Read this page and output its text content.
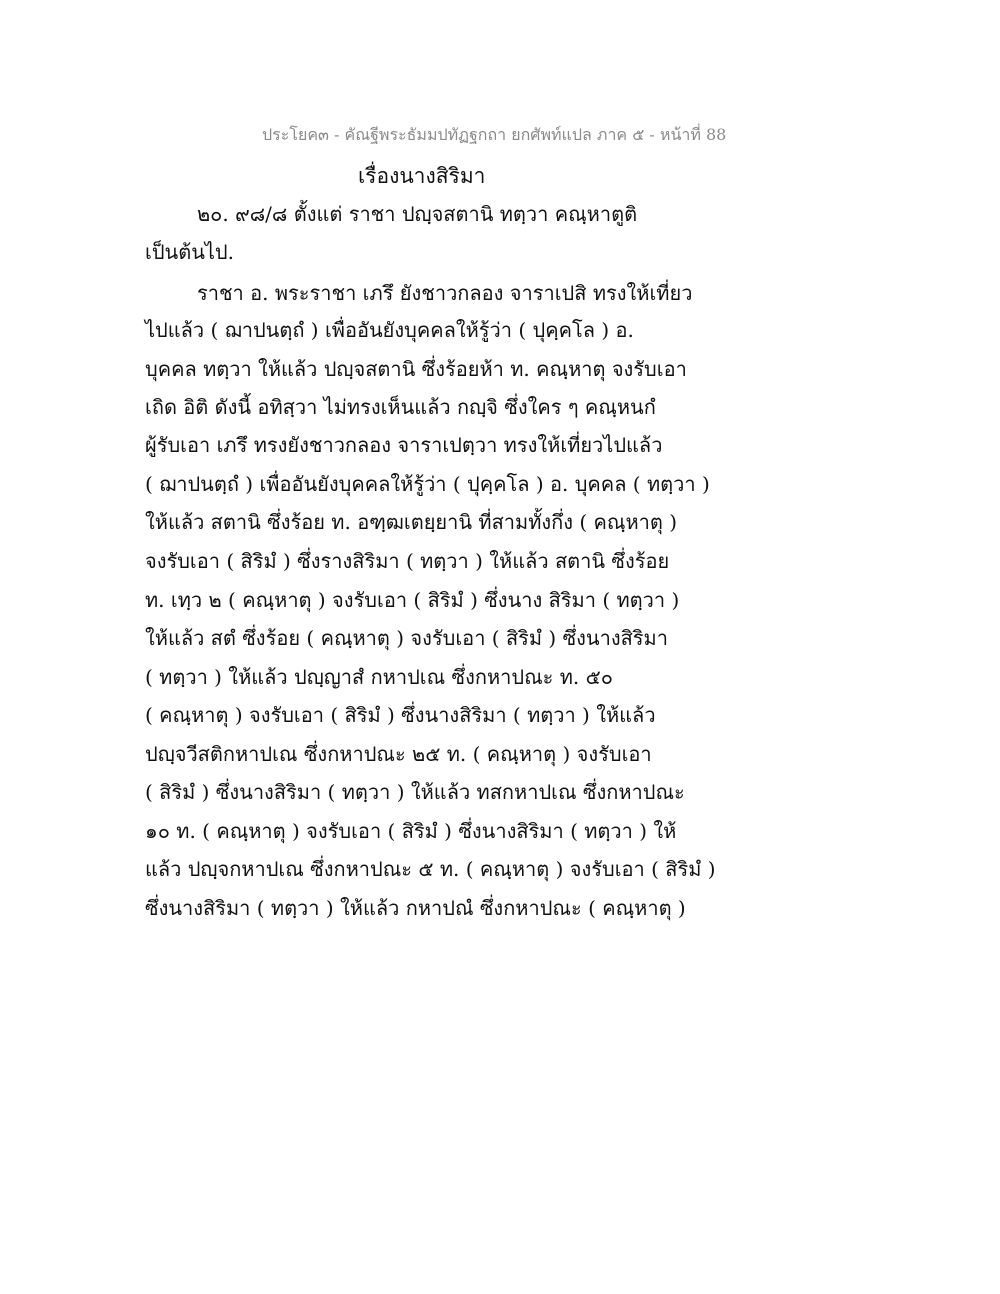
ประโยค๓ - คัณฐีพระธัมมปทัฏฐกถา ยกศัพท์แปล ภาค ๕ - หน้าที่ 88
เรื่องนางสิริมา
๒๐. ๙๘/๘ ตั้งแต่ ราชา ปญฺจสตานิ ทตฺวา คณฺหาตูติ
เป็นต้นไป.
ราชา อ. พระราชา เภรึ ยังชาวกลอง จาราเปสิ ทรงให้เที่ยว
ไปแล้ว ( ฌาปนตฺถํ ) เพื่ออันยังบุคคลให้รู้ว่า ( ปุคฺคโล ) อ.
บุคคล ทตฺวา ให้แล้ว ปญฺจสตานิ ซึ่งร้อยห้า ท. คณฺหาตุ จงรับเอา
เถิด อิติ ดังนี้ อทิสฺวา ไม่ทรงเห็นแล้ว กญฺจิ ซึ่งใคร ๆ คณฺหนกํ
ผู้รับเอา เภรึ ทรงยังชาวกลอง จาราเปตฺวา ทรงให้เที่ยวไปแล้ว
( ฌาปนตฺถํ ) เพื่ออันยังบุคคลให้รู้ว่า ( ปุคฺคโล ) อ. บุคคล ( ทตฺวา )
ให้แล้ว สตานิ ซึ่งร้อย ท. อฑฺฒเตยฺยานิ ที่สามทั้งกึ่ง ( คณฺหาตุ )
จงรับเอา ( สิริมํ ) ซึ่งรางสิริมา ( ทตฺวา ) ให้แล้ว สตานิ ซึ่งร้อย
ท. เทฺว ๒ ( คณฺหาตุ ) จงรับเอา ( สิริมํ ) ซึ่งนาง สิริมา ( ทตฺวา )
ให้แล้ว สตํ ซึ่งร้อย ( คณฺหาตุ ) จงรับเอา ( สิริมํ ) ซึ่งนางสิริมา
( ทตฺวา ) ให้แล้ว ปญฺญาสํ กหาปเณ ซึ่งกหาปณะ ท. ๕๐
( คณฺหาตุ ) จงรับเอา ( สิริมํ ) ซึ่งนางสิริมา ( ทตฺวา ) ให้แล้ว
ปญฺจวีสติกหาปเณ ซึ่งกหาปณะ ๒๕ ท. ( คณฺหาตุ ) จงรับเอา
( สิริมํ ) ซึ่งนางสิริมา ( ทตฺวา ) ให้แล้ว ทสกหาปเณ ซึ่งกหาปณะ
๑๐ ท. ( คณฺหาตุ ) จงรับเอา ( สิริมํ ) ซึ่งนางสิริมา ( ทตฺวา ) ให้
แล้ว ปญฺจกหาปเณ ซึ่งกหาปณะ ๕ ท. ( คณฺหาตุ ) จงรับเอา ( สิริมํ )
ซึ่งนางสิริมา ( ทตฺวา ) ให้แล้ว กหาปณํ ซึ่งกหาปณะ ( คณฺหาตุ )
